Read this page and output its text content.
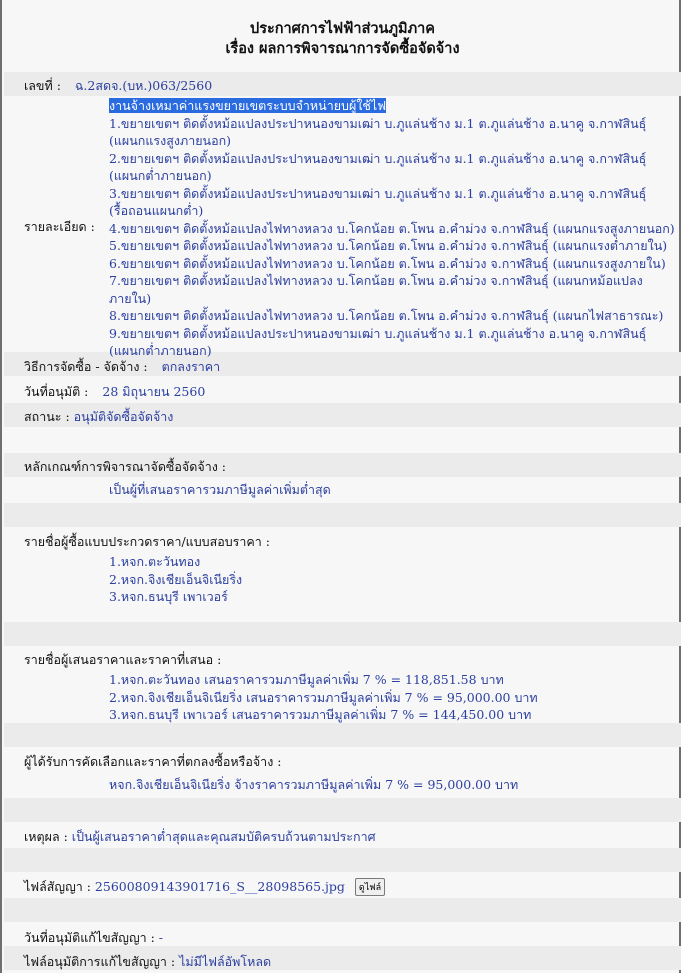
ประกาศการไฟฟ้าส่วนภูมิภาค
เรื่อง ผลการพิจารณาการจัดซื้อจัดจ้าง
เลขที่ : ฉ.2สดจ.(บห.)063/2560
รายละเอียด :
งานจ้างเหมาค่าแรงขยายเขตระบบจำหน่ายบผู้ใช้ไฟ
1.ขยายเขตฯ ติดตั้งหม้อแปลงประปาหนองขามเฒ่า บ.ภูแล่นช้าง ม.1 ต.ภูแล่นช้าง อ.นาคู จ.กาฬสินธุ์
(แผนกแรงสูงภายนอก)
2.ขยายเขตฯ ติดตั้งหม้อแปลงประปาหนองขามเฒ่า บ.ภูแล่นช้าง ม.1 ต.ภูแล่นช้าง อ.นาคู จ.กาฬสินธุ์
(แผนกต่ำภายนอก)
3.ขยายเขตฯ ติดตั้งหม้อแปลงประปาหนองขามเฒ่า บ.ภูแล่นช้าง ม.1 ต.ภูแล่นช้าง อ.นาคู จ.กาฬสินธุ์
(รื้อถอนแผนกต่ำ)
4.ขยายเขตฯ ติดตั้งหม้อแปลงไฟทางหลวง บ.โคกน้อย ต.โพน อ.คำม่วง จ.กาฬสินธุ์ (แผนกแรงสูงภายนอก)
5.ขยายเขตฯ ติดตั้งหม้อแปลงไฟทางหลวง บ.โคกน้อย ต.โพน อ.คำม่วง จ.กาฬสินธุ์ (แผนกแรงต่ำภายใน)
6.ขยายเขตฯ ติดตั้งหม้อแปลงไฟทางหลวง บ.โคกน้อย ต.โพน อ.คำม่วง จ.กาฬสินธุ์ (แผนกแรงสูงภายใน)
7.ขยายเขตฯ ติดตั้งหม้อแปลงไฟทางหลวง บ.โคกน้อย ต.โพน อ.คำม่วง จ.กาฬสินธุ์ (แผนกหม้อแปลง
ภายใน)
8.ขยายเขตฯ ติดตั้งหม้อแปลงไฟทางหลวง บ.โคกน้อย ต.โพน อ.คำม่วง จ.กาฬสินธุ์ (แผนกไฟสาธารณะ)
9.ขยายเขตฯ ติดตั้งหม้อแปลงประปาหนองขามเฒ่า บ.ภูแล่นช้าง ม.1 ต.ภูแล่นช้าง อ.นาคู จ.กาฬสินธุ์
(แผนกต่ำภายนอก)
วิธีการจัดซื้อ - จัดจ้าง : ตกลงราคา
วันที่อนุมัติ : 28 มิถุนายน 2560
สถานะ : อนุมัติจัดซื้อจัดจ้าง
หลักเกณฑ์การพิจารณาจัดซื้อจัดจ้าง :
เป็นผู้ที่เสนอราคารวมภาษีมูลค่าเพิ่มต่ำสุด
รายชื่อผู้ซื้อแบบประกวดราคา/แบบสอบราคา :
1.หจก.ตะวันทอง
2.หจก.จิงเชียเอ็นจิเนียริ่ง
3.หจก.ธนบุรี เพาเวอร์
รายชื่อผู้เสนอราคาและราคาที่เสนอ :
1.หจก.ตะวันทอง เสนอราคารวมภาษีมูลค่าเพิ่ม 7 % = 118,851.58 บาท
2.หจก.จิงเชียเอ็นจิเนียริ่ง เสนอราคารวมภาษีมูลค่าเพิ่ม 7 % = 95,000.00 บาท
3.หจก.ธนบุรี เพาเวอร์ เสนอราคารวมภาษีมูลค่าเพิ่ม 7 % = 144,450.00 บาท
ผู้ได้รับการคัดเลือกและราคาที่ตกลงซื้อหรือจ้าง :
หจก.จิงเชียเอ็นจิเนียริ่ง จ้างราคารวมภาษีมูลค่าเพิ่ม 7 % = 95,000.00 บาท
เหตุผล : เป็นผู้เสนอราคาต่ำสุดและคุณสมบัติครบถ้วนตามประกาศ
ไฟล์สัญญา : 25600809143901716_S__28098565.jpg ดูไฟล์
วันที่อนุมัติแก้ไขสัญญา : -
ไฟล์อนุมัติการแก้ไขสัญญา : ไม่มีไฟล์อัพโหลด
